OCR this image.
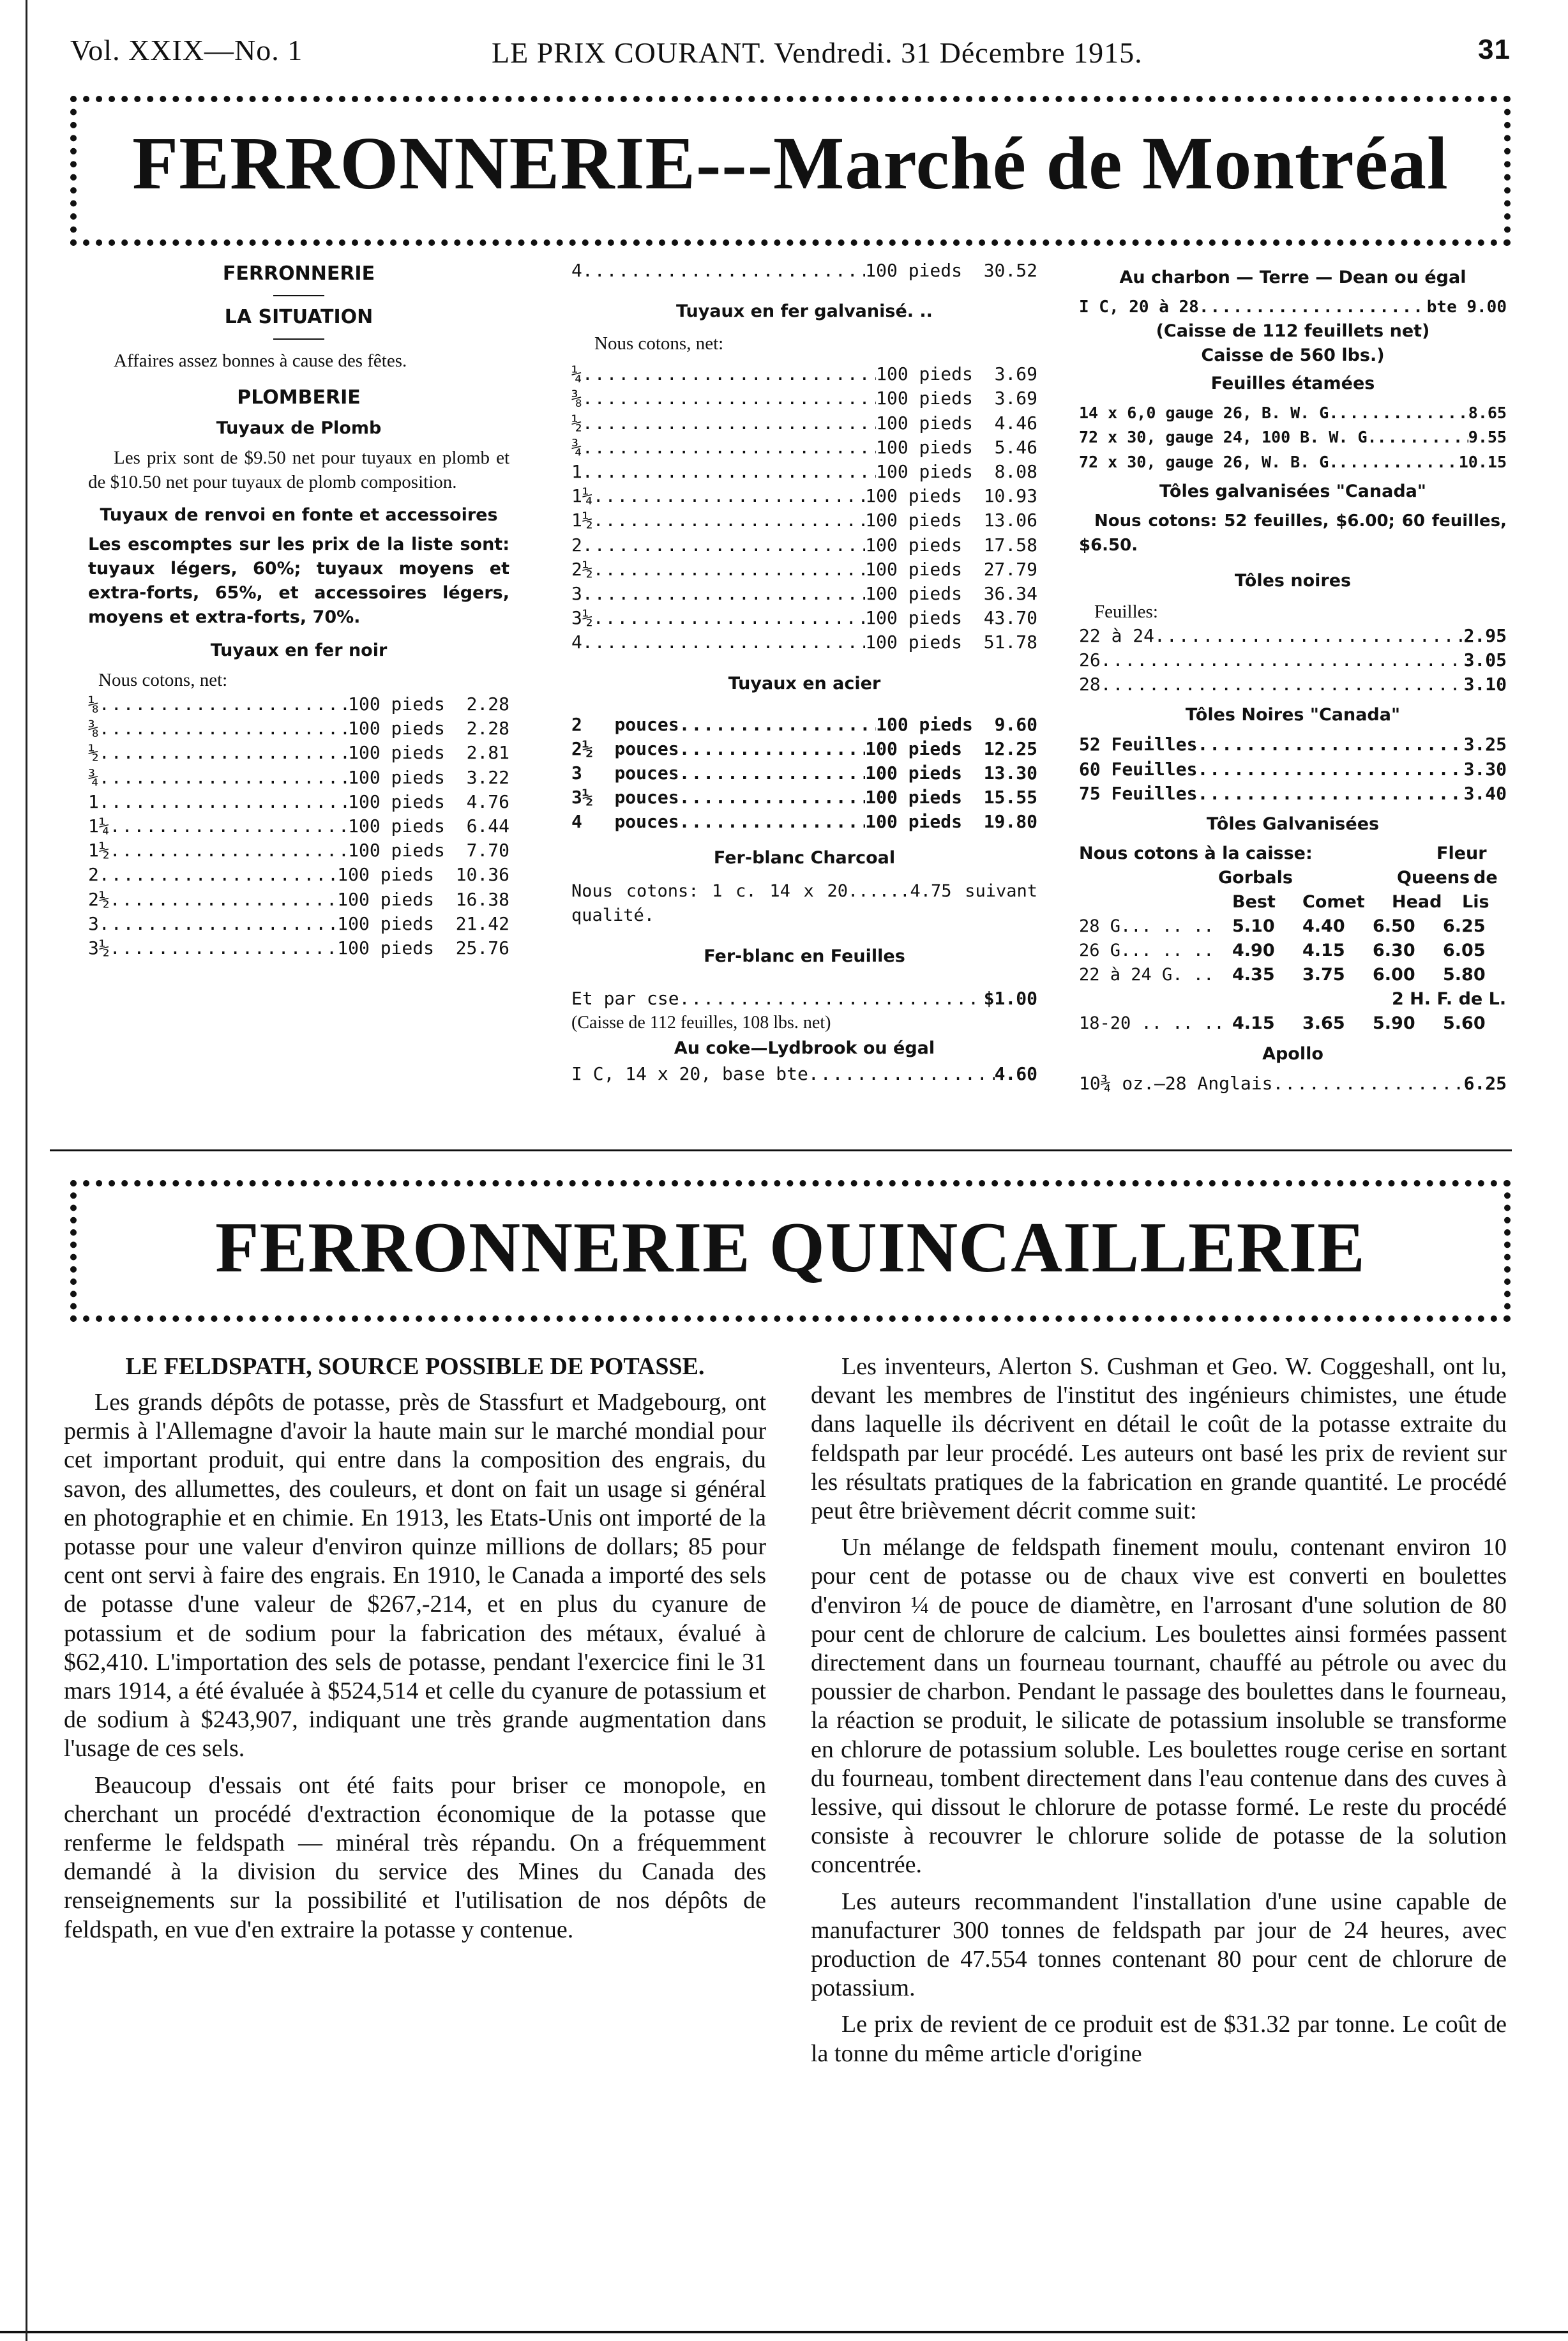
Vol. XXIX—No. 1	LE PRIX COURANT. Vendredi. 31 Décembre 1915.	31
FERRONNERIE---Marché de Montréal
FERRONNERIE
LA SITUATION
Affaires assez bonnes à cause des fêtes.
PLOMBERIE
Tuyaux de Plomb
Les prix sont de $9.50 net pour tuyaux en plomb et de $10.50 net pour tuyaux de plomb composition.
Tuyaux de renvoi en fonte et accessoires
Les escomptes sur les prix de la liste sont: tuyaux légers, 60%; tuyaux moyens et extra-forts, 65%, et accessoires légers, moyens et extra-forts, 70%.
Tuyaux en fer noir
Nous cotons, net:
⅛ .....	100 pieds 2.28
⅜ .....	100 pieds 2.28
½ .....	100 pieds 2.81
¾ .....	100 pieds 3.22
1 .....	100 pieds 4.76
1¼ .....	100 pieds 6.44
1½ .....	100 pieds 7.70
2 .....	100 pieds 10.36
2½ .....	100 pieds 16.38
3 .....	100 pieds 21.42
3½ .....	100 pieds 25.76
4 .....	100 pieds 30.52
Tuyaux en fer galvanisé. ..
Nous cotons, net:
¼ .....	100 pieds 3.69
⅜ .....	100 pieds 3.69
½ .....	100 pieds 4.46
¾ .....	100 pieds 5.46
1 .....	100 pieds 8.08
1¼ .....	100 pieds 10.93
1½ .....	100 pieds 13.06
2 .....	100 pieds 17.58
2½ .....	100 pieds 27.79
3 .....	100 pieds 36.34
3½ .....	100 pieds 43.70
4 .....	100 pieds 51.78
Tuyaux en acier
2 pouces .....	100 pieds 9.60
2½ pouces .....	100 pieds 12.25
3 pouces .....	100 pieds 13.30
3½ pouces .....	100 pieds 15.55
4 pouces .....	100 pieds 19.80
Fer-blanc Charcoal
Nous cotons: 1 c. 14 x 20......4.75 suivant qualité.
Fer-blanc en Feuilles
Et par cse .....	$1.00
(Caisse de 112 feuilles, 108 lbs. net)
Au coke—Lydbrook ou égal
I C, 14 x 20, base bte .....	4.60
Au charbon — Terre — Dean ou égal
I C, 20 à 28 .....	bte 9.00
(Caisse de 112 feuillets net)
Caisse de 560 lbs.)
Feuilles étamées
14 x 6,0 gauge 26, B. W. G. .....	8.65
72 x 30, gauge 24, 100 B. W. G. .....	9.55
72 x 30, gauge 26, W. B. G. .....	10.15
Tôles galvanisées "Canada"
Nous cotons: 52 feuilles, $6.00; 60 feuilles, $6.50.
Tôles noires
Feuilles:
22 à 24 .....	2.95
26 .....	3.05
28 .....	3.10
Tôles Noires "Canada"
52 Feuilles .....	3.25
60 Feuilles .....	3.30
75 Feuilles .....	3.40
Tôles Galvanisées
Nous cotons à la caisse:	Fleur
Gorbals	Queens de
Best	Comet	Head	Lis
28 G... .. ..	5.10	4.40	6.50	6.25
26 G... .. ..	4.90	4.15	6.30	6.05
22 à 24 G. ..	4.35	3.75	6.00	5.80
2 H. F. de L.
18-20 .. .. .. 4.15	3.65	5.90	5.60
Apollo
10¾ oz.—28 Anglais .....	6.25
FERRONNERIE QUINCAILLERIE

LE FELDSPATH, SOURCE POSSIBLE DE POTASSE.

Les grands dépôts de potasse, près de Stassfurt et Madgebourg, ont permis à l'Allemagne d'avoir la haute main sur le marché mondial pour cet important produit, qui entre dans la composition des engrais, du savon, des allumettes, des couleurs, et dont on fait un usage si général en photographie et en chimie. En 1913, les Etats-Unis ont importé de la potasse pour une valeur d'environ quinze millions de dollars; 85 pour cent ont servi à faire des engrais. En 1910, le Canada a importé des sels de potasse d'une valeur de $267,-214, et en plus du cyanure de potassium et de sodium pour la fabrication des métaux, évalué à $62,410. L'importation des sels de potasse, pendant l'exercice fini le 31 mars 1914, a été évaluée à $524,514 et celle du cyanure de potassium et de sodium à $243,907, indiquant une très grande augmentation dans l'usage de ces sels.

Beaucoup d'essais ont été faits pour briser ce monopole, en cherchant un procédé d'extraction économique de la potasse que renferme le feldspath — minéral très répandu. On a fréquemment demandé à la division du service des Mines du Canada des renseignements sur la possibilité et l'utilisation de nos dépôts de feldspath, en vue d'en extraire la potasse y contenue.

Les inventeurs, Alerton S. Cushman et Geo. W. Coggeshall, ont lu, devant les membres de l'institut des ingénieurs chimistes, une étude dans laquelle ils décrivent en détail le coût de la potasse extraite du feldspath par leur procédé. Les auteurs ont basé les prix de revient sur les résultats pratiques de la fabrication en grande quantité. Le procédé peut être brièvement décrit comme suit:

Un mélange de feldspath finement moulu, contenant environ 10 pour cent de potasse ou de chaux vive est converti en boulettes d'environ ¼ de pouce de diamètre, en l'arrosant d'une solution de 80 pour cent de chlorure de calcium. Les boulettes ainsi formées passent directement dans un fourneau tournant, chauffé au pétrole ou avec du poussier de charbon. Pendant le passage des boulettes dans le fourneau, la réaction se produit, le silicate de potassium insoluble se transforme en chlorure de potassium soluble. Les boulettes rouge cerise en sortant du fourneau, tombent directement dans l'eau contenue dans des cuves à lessive, qui dissout le chlorure de potasse formé. Le reste du procédé consiste à recouvrer le chlorure solide de potasse de la solution concentrée.

Les auteurs recommandent l'installation d'une usine capable de manufacturer 300 tonnes de feldspath par jour de 24 heures, avec production de 47.554 tonnes contenant 80 pour cent de chlorure de potassium.

Le prix de revient de ce produit est de $31.32 par tonne. Le coût de la tonne du même article d'origine
